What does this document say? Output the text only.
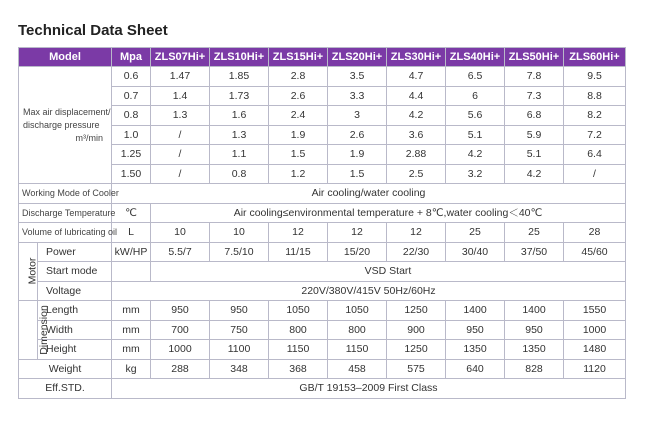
Technical Data Sheet
Model		Mpa	ZLS07Hi+	ZLS10Hi+	ZLS15Hi+	ZLS20Hi+	ZLS30Hi+	ZLS40Hi+	ZLS50Hi+	ZLS60Hi+
Max air displacement/
discharge pressure
m³/min		0.6	1.47	1.85	2.8	3.5	4.7	6.5	7.8	9.5
		0.7	1.4	1.73	2.6	3.3	4.4	6	7.3	8.8
		0.8	1.3	1.6	2.4	3	4.2	5.6	6.8	8.2
		1.0	/	1.3	1.9	2.6	3.6	5.1	5.9	7.2
		1.25	/	1.1	1.5	1.9	2.88	4.2	5.1	6.4
		1.50	/	0.8	1.2	1.5	2.5	3.2	4.2	/
Working Mode of Cooler		Air cooling/water cooling								
Discharge Temperature		℃	Air cooling≤environmental temperature + 8℃,water cooling＜40℃							
Volume of lubricating oil		L	10	10	12	12	12	25	25	28
Motor	Power	kW/HP	5.5/7	7.5/10	11/15	15/20	22/30	30/40	37/50	45/60
	Start mode		VSD Start							
	Voltage	220V/380V/415V 50Hz/60Hz								
Dimension	Length	mm	950	950	1050	1050	1250	1400	1400	1550
	Width	mm	700	750	800	800	900	950	950	1000
	Height	mm	1000	1100	1150	1150	1250	1350	1350	1480
Weight		kg	288	348	368	458	575	640	828	1120
Eff.STD.		GB/T 19153–2009 First Class								
